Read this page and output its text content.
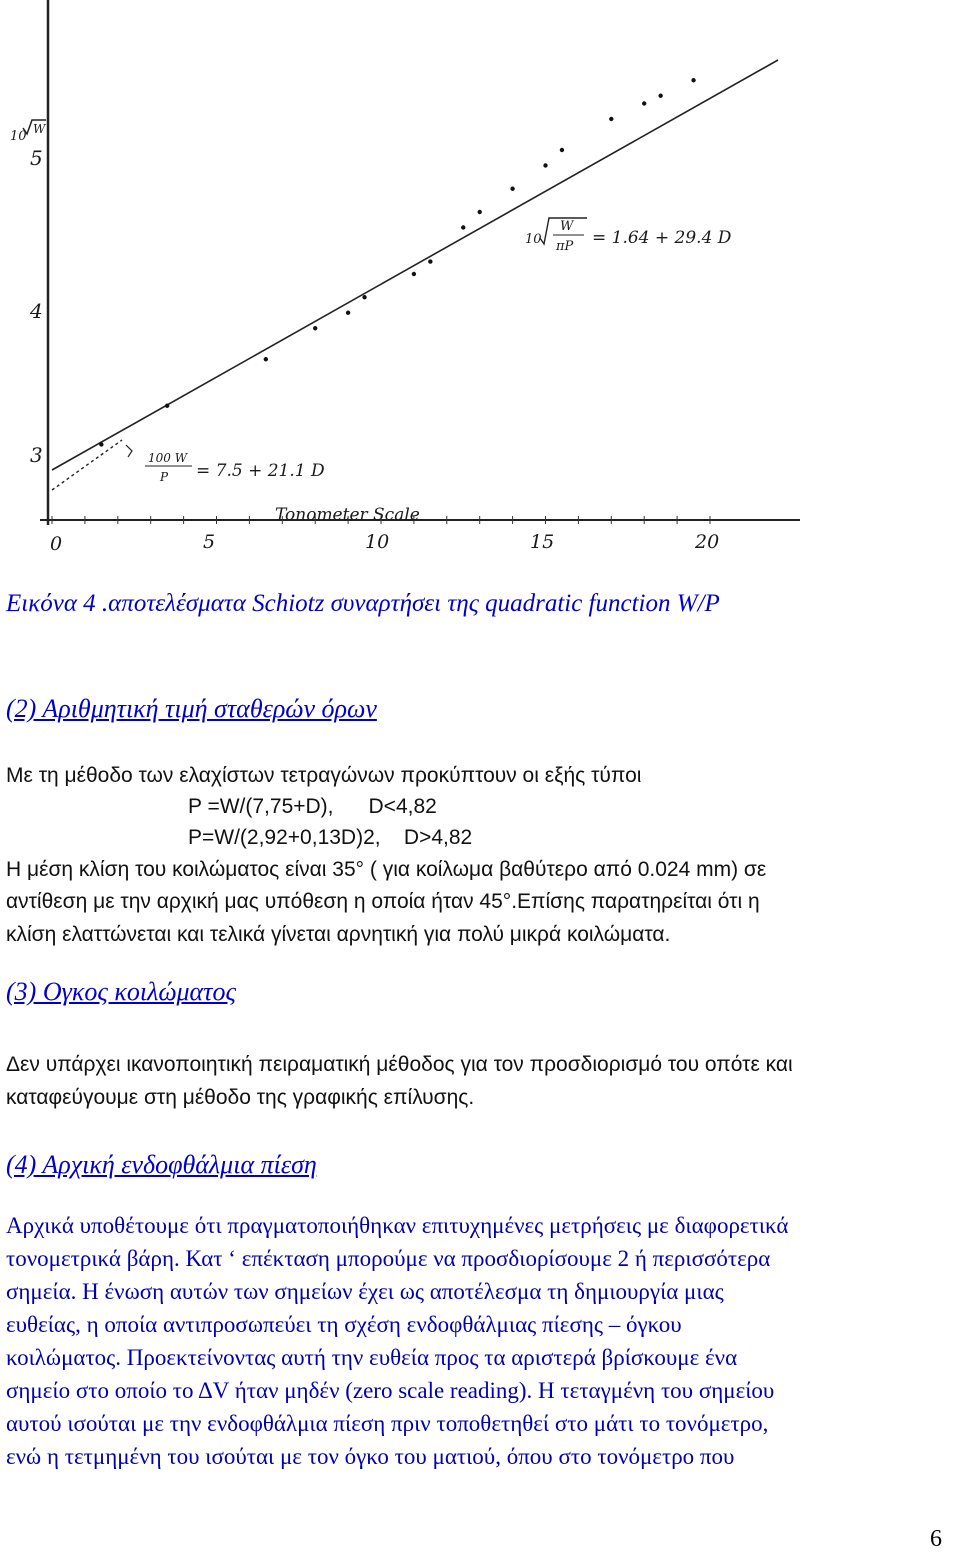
5
4
3
10 W
0	5	10	15	20
Tonometer Scale
10
W
πP = 1.64 + 29.4 D
100 W
P = 7.5 + 21.1 D
Εικόνα 4 .αποτελέσματα Schiotz συναρτήσει της quadratic function W/P
(2) Αριθμητική τιμή σταθερών όρων
Με τη μέθοδο των ελαχίστων τετραγώνων προκύπτουν οι εξής τύποι
P =W/(7,75+D),      D<4,82
P=W/(2,92+0,13D)2,    D>4,82
Η μέση κλίση του κοιλώματος είναι 35° ( για κοίλωμα βαθύτερο από 0.024 mm) σε
αντίθεση με την αρχική μας υπόθεση η οποία ήταν 45°.Επίσης παρατηρείται ότι η
κλίση ελαττώνεται και τελικά γίνεται αρνητική για πολύ μικρά κοιλώματα.
(3) Ογκος κοιλώματος
Δεν υπάρχει ικανοποιητική πειραματική μέθοδος για τον προσδιορισμό του οπότε και
καταφεύγουμε στη μέθοδο της γραφικής επίλυσης.
(4) Αρχική ενδοφθάλμια πίεση
Αρχικά υποθέτουμε ότι πραγματοποιήθηκαν επιτυχημένες μετρήσεις με διαφορετικά
τονομετρικά βάρη. Κατ ‘ επέκταση μπορούμε να προσδιορίσουμε 2 ή περισσότερα
σημεία. Η ένωση αυτών των σημείων έχει ως αποτέλεσμα τη δημιουργία μιας
ευθείας, η οποία αντιπροσωπεύει τη σχέση ενδοφθάλμιας πίεσης – όγκου
κοιλώματος. Προεκτείνοντας αυτή την ευθεία προς τα αριστερά βρίσκουμε ένα
σημείο στο οποίο το ΔV ήταν μηδέν (zero scale reading). Η τεταγμένη του σημείου
αυτού ισούται με την ενδοφθάλμια πίεση πριν τοποθετηθεί στο μάτι το τονόμετρο,
ενώ η τετμημένη του ισούται με τον όγκο του ματιού, όπου στο τονόμετρο που
6
